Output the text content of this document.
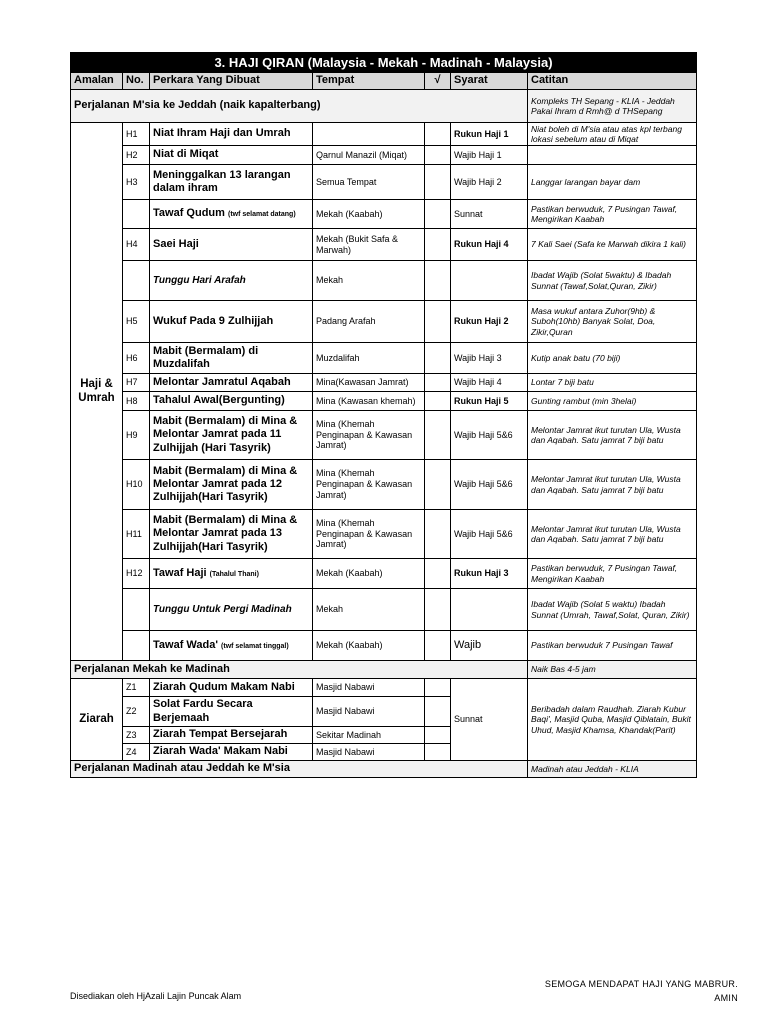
3. HAJI QIRAN (Malaysia - Mekah - Madinah - Malaysia)						
Amalan	No.	Perkara Yang Dibuat	Tempat	√	Syarat	Catitan
Perjalanan M'sia ke Jeddah (naik kapalterbang)						Kompleks TH Sepang - KLIA - Jeddah Pakai Ihram d Rmh@ d THSepang
Haji & Umrah	H1	Niat Ihram Haji dan Umrah			Rukun Haji 1	Niat boleh di M'sia atau atas kpl terbang lokasi sebelum atau di Miqat
	H2	Niat di Miqat	Qarnul Manazil (Miqat)		Wajib Haji 1	
	H3	Meninggalkan 13 larangan dalam ihram	Semua Tempat		Wajib Haji 2	Langgar larangan bayar dam
		Tawaf Qudum (twf selamat datang)	Mekah (Kaabah)		Sunnat	Pastikan berwuduk, 7 Pusingan Tawaf, Mengirikan Kaabah
	H4	Saei Haji	Mekah (Bukit Safa & Marwah)		Rukun Haji 4	7 Kali Saei (Safa ke Marwah dikira 1 kali)
		Tunggu Hari Arafah	Mekah			Ibadat Wajib (Solat 5waktu) & Ibadah Sunnat (Tawaf,Solat,Quran, Zikir)
	H5	Wukuf Pada 9 Zulhijjah	Padang Arafah		Rukun Haji 2	Masa wukuf antara Zuhor(9hb) & Suboh(10hb) Banyak Solat, Doa, Zikir,Quran
	H6	Mabit (Bermalam) di Muzdalifah	Muzdalifah		Wajib Haji 3	Kutip anak batu (70 biji)
	H7	Melontar Jamratul Aqabah	Mina(Kawasan Jamrat)		Wajib Haji 4	Lontar 7 biji batu
	H8	Tahalul Awal(Bergunting)	Mina (Kawasan khemah)		Rukun Haji 5	Gunting rambut (min 3helai)
	H9	Mabit (Bermalam) di Mina & Melontar Jamrat pada 11 Zulhijjah (Hari Tasyrik)	Mina (Khemah Penginapan & Kawasan Jamrat)		Wajib Haji 5&6	Melontar Jamrat ikut turutan Ula, Wusta dan Aqabah. Satu jamrat 7 biji batu
	H10	Mabit (Bermalam) di Mina & Melontar Jamrat pada 12 Zulhijjah(Hari Tasyrik)	Mina (Khemah Penginapan & Kawasan Jamrat)		Wajib Haji 5&6	Melontar Jamrat ikut turutan Ula, Wusta dan Aqabah. Satu jamrat 7 biji batu
	H11	Mabit (Bermalam) di Mina & Melontar Jamrat pada 13 Zulhijjah(Hari Tasyrik)	Mina (Khemah Penginapan & Kawasan Jamrat)		Wajib Haji 5&6	Melontar Jamrat ikut turutan Ula, Wusta dan Aqabah. Satu jamrat 7 biji batu
	H12	Tawaf Haji (Tahalul Thani)	Mekah (Kaabah)		Rukun Haji 3	Pastikan berwuduk, 7 Pusingan Tawaf, Mengirikan Kaabah
		Tunggu Untuk Pergi Madinah	Mekah			Ibadat Wajib (Solat 5 waktu) Ibadah Sunnat (Umrah, Tawaf,Solat, Quran, Zikir)
		Tawaf Wada' (twf selamat tinggal)	Mekah (Kaabah)		Wajib	Pastikan berwuduk 7 Pusingan Tawaf
Perjalanan Mekah ke Madinah						Naik Bas 4-5 jam
Ziarah	Z1	Ziarah Qudum Makam Nabi	Masjid Nabawi		Sunnat	Beribadah dalam Raudhah. Ziarah Kubur Baqi', Masjid Quba, Masjid Qiblatain, Bukit Uhud, Masjid Khamsa, Khandak(Parit)
	Z2	Solat Fardu Secara Berjemaah	Masjid Nabawi			
	Z3	Ziarah Tempat Bersejarah	Sekitar Madinah			
	Z4	Ziarah Wada' Makam Nabi	Masjid Nabawi			
Perjalanan Madinah atau Jeddah ke M'sia						Madinah atau Jeddah - KLIA
Disediakan oleh HjAzali Lajin Puncak Alam
SEMOGA MENDAPAT HAJI YANG MABRUR.
AMIN
